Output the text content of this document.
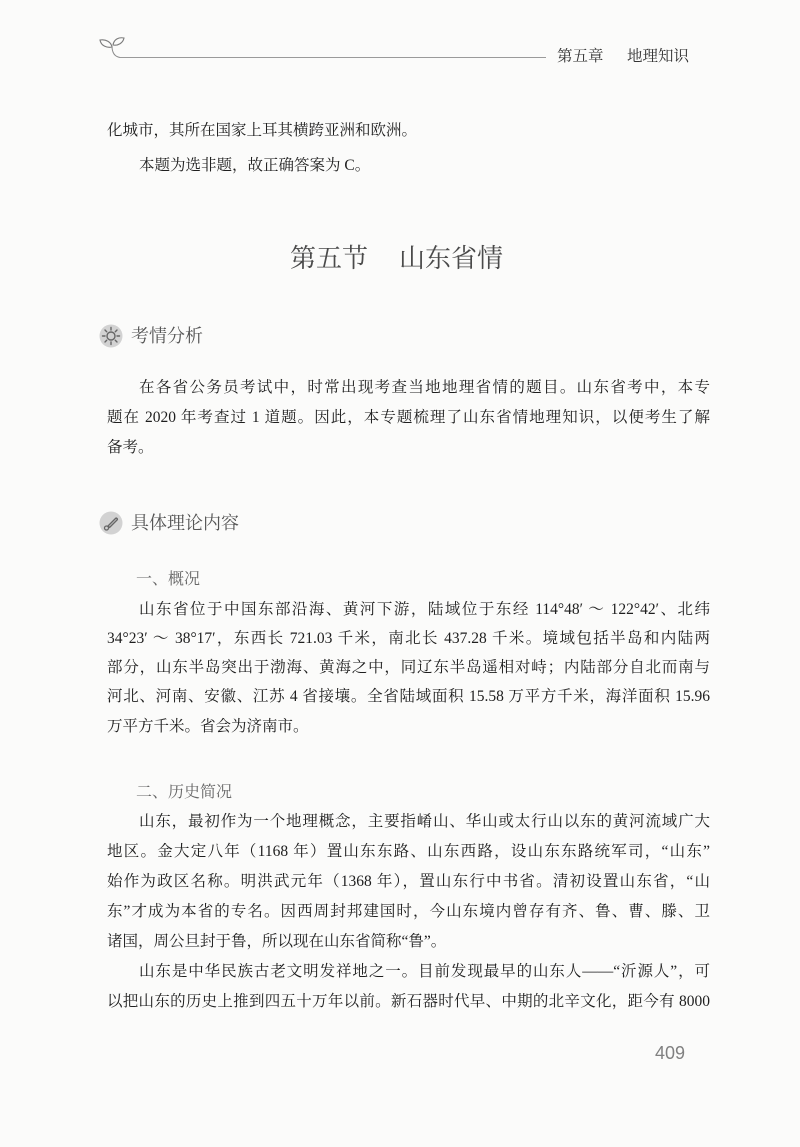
第五章 地理知识
化城市，其所在国家上耳其横跨亚洲和欧洲。
本题为选非题，故正确答案为 C。
第五节 山东省情
考情分析
在各省公务员考试中，时常出现考查当地地理省情的题目。山东省考中，本专
题在 2020 年考查过 1 道题。因此，本专题梳理了山东省情地理知识，以便考生了解
备考。
具体理论内容
一、概况
山东省位于中国东部沿海、黄河下游，陆域位于东经 114°48′ ～ 122°42′、北纬
34°23′ ～ 38°17′，东西长 721.03 千米，南北长 437.28 千米。境域包括半岛和内陆两
部分，山东半岛突出于渤海、黄海之中，同辽东半岛遥相对峙；内陆部分自北而南与
河北、河南、安徽、江苏 4 省接壤。全省陆域面积 15.58 万平方千米，海洋面积 15.96
万平方千米。省会为济南市。
二、历史简况
山东，最初作为一个地理概念，主要指崤山、华山或太行山以东的黄河流域广大
地区。金大定八年（1168 年）置山东东路、山东西路，设山东东路统军司，“山东”
始作为政区名称。明洪武元年（1368 年），置山东行中书省。清初设置山东省，“山
东”才成为本省的专名。因西周封邦建国时，今山东境内曾存有齐、鲁、曹、滕、卫
诸国，周公旦封于鲁，所以现在山东省简称“鲁”。
山东是中华民族古老文明发祥地之一。目前发现最早的山东人——“沂源人”，可
以把山东的历史上推到四五十万年以前。新石器时代早、中期的北辛文化，距今有 8000
409
